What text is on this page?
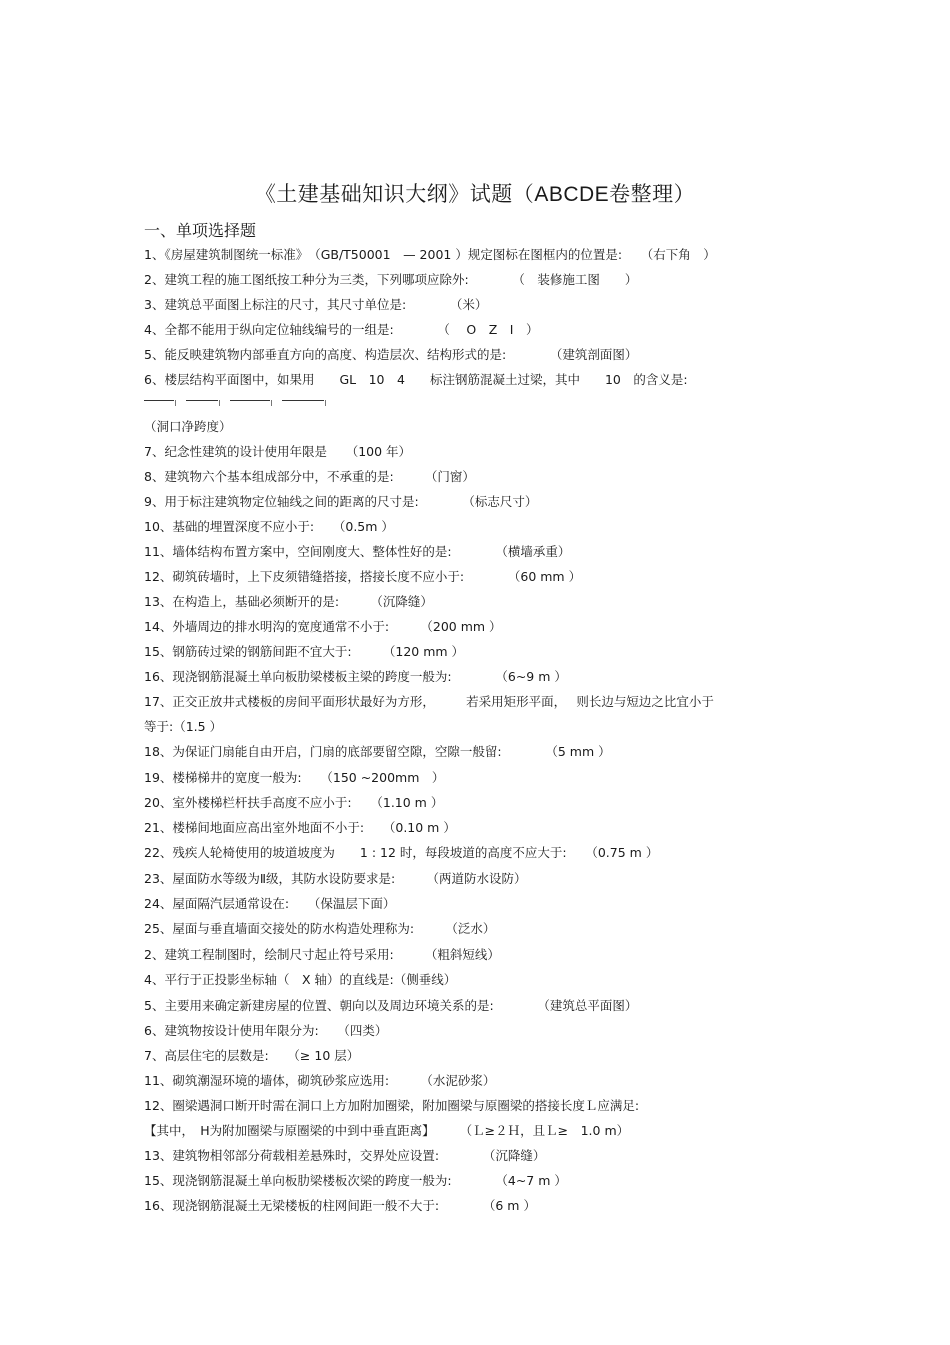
《土建基础知识大纲》试题（ABCDE卷整理）
一、单项选择题
1、《房屋建筑制图统一标准》　（GB/T50001　— 2001 ）规定图标在图框内的位置是:　　（右下角　）
2、建筑工程的施工图纸按工种分为三类，下列哪项应除外:　　　　（　装修施工图　　）
3、建筑总平面图上标注的尺寸，其尺寸单位是:　　　　（米）
4、全都不能用于纵向定位轴线编号的一组是:　　　　（　 O　Z　I　）
5、能反映建筑物内部垂直方向的高度、构造层次、结构形式的是:　　　　（建筑剖面图）
6、楼层结构平面图中，如果用　　GL　10　4　　标注钢筋混凝土过梁，其中　　10　的含义是:
（洞口净跨度）
7、纪念性建筑的设计使用年限是　　（100 年）
8、建筑物六个基本组成部分中，不承重的是:　　　（门窗）
9、用于标注建筑物定位轴线之间的距离的尺寸是:　　　　（标志尺寸）
10、基础的埋置深度不应小于:　　（0.5m ）
11、墙体结构布置方案中，空间刚度大、整体性好的是:　　　　（横墙承重）
12、砌筑砖墙时，上下皮须错缝搭接，搭接长度不应小于:　　　　（60 mm ）
13、在构造上，基础必须断开的是:　　　（沉降缝）
14、外墙周边的排水明沟的宽度通常不小于:　　　（200 mm ）
15、钢筋砖过梁的钢筋间距不宜大于:　　　（120 mm ）
16、现浇钢筋混凝土单向板肋梁楼板主梁的跨度一般为:　　　　（6~9 m ）
17、正交正放井式楼板的房间平面形状最好为方形，　　　若采用矩形平面，　 则长边与短边之比宜小于
等于:（1.5 ）
18、为保证门扇能自由开启，门扇的底部要留空隙，空隙一般留:　　　　（5 mm ）
19、楼梯梯井的宽度一般为:　　（150 ~200mm　）
20、室外楼梯栏杆扶手高度不应小于:　　（1.10 m ）
21、楼梯间地面应高出室外地面不小于:　　（0.10 m ）
22、残疾人轮椅使用的坡道坡度为　　1 : 12 时，每段坡道的高度不应大于:　　（0.75 m ）
23、屋面防水等级为Ⅱ级，其防水设防要求是:　　　（两道防水设防）
24、屋面隔汽层通常设在:　　（保温层下面）
25、屋面与垂直墙面交接处的防水构造处理称为:　　　（泛水）
2、建筑工程制图时，绘制尺寸起止符号采用:　　　（粗斜短线）
4、平行于正投影坐标轴（　X 轴）的直线是:（侧垂线）
5、主要用来确定新建房屋的位置、朝向以及周边环境关系的是:　　　　（建筑总平面图）
6、建筑物按设计使用年限分为:　　（四类）
7、高层住宅的层数是:　　（≥ 10 层）
11、砌筑潮湿环境的墙体，砌筑砂浆应选用:　　　（水泥砂浆）
12、圈梁遇洞口断开时需在洞口上方加附加圈梁，附加圈梁与原圈梁的搭接长度Ｌ应满足:
【其中，　H为附加圈梁与原圈梁的中到中垂直距离】　　　（Ｌ≥２Ｈ，且Ｌ≥　1.0 m）
13、建筑物相邻部分荷载相差悬殊时，交界处应设置:　　　　（沉降缝）
15、现浇钢筋混凝土单向板肋梁楼板次梁的跨度一般为:　　　　（4~7 m ）
16、现浇钢筋混凝土无梁楼板的柱网间距一般不大于:　　　　（6 m ）
